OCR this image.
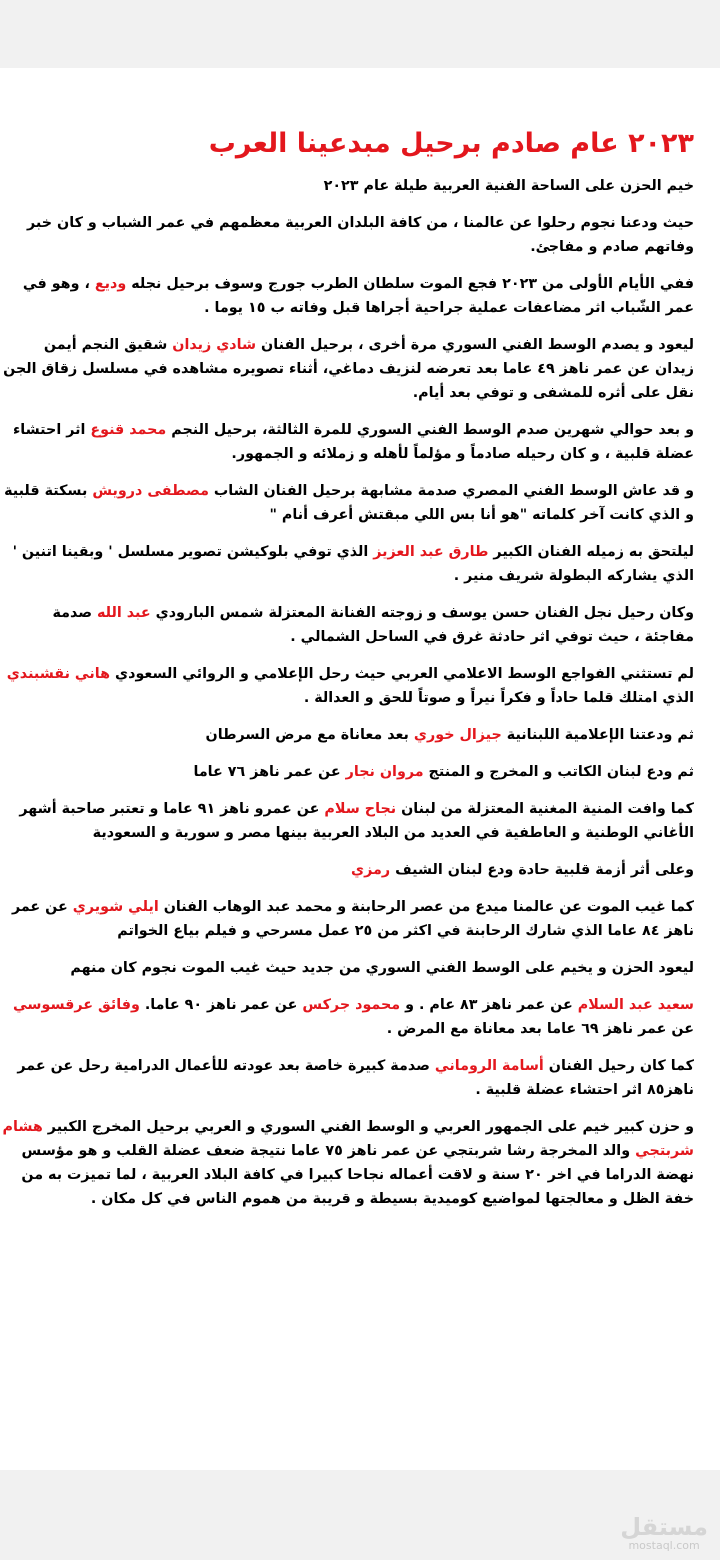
٢٠٢٣ عام صادم برحيل مبدعينا العرب

خيم الحزن على الساحة الفنية العربية طيلة عام ٢٠٢٣

حيث ودعنا نجوم رحلوا عن عالمنا ، من كافة البلدان العربية معظمهم في عمر الشباب و كان خبر وفاتهم صادم و مفاجئ.

ففي الأيام الأولى من ٢٠٢٣ فجع الموت سلطان الطرب جورج وسوف برحيل نجله وديع ، وهو في عمر الشّباب اثر مضاعفات عملية جراحية أجراها قبل وفاته ب ١٥ يوما .

ليعود و يصدم الوسط الفني السوري مرة أخرى ، برحيل الفنان شادي زيدان شقيق النجم أيمن زيدان عن عمر ناهز ٤٩ عاما بعد تعرضه لنزيف دماغي، أثناء تصويره مشاهده في مسلسل زقاق الجن نقل على أثره للمشفى و توفي بعد أيام.

و بعد حوالي شهرين صدم الوسط الفني السوري للمرة الثالثة، برحيل النجم محمد قنوع اثر احتشاء عضلة قلبية ، و كان رحيله صادماً و مؤلماً لأهله و زملائه و الجمهور.

و قد عاش الوسط الفني المصري صدمة مشابهة برحيل الفنان الشاب مصطفى درويش بسكتة قلبية و الذي كانت آخر كلماته "هو أنا بس اللي مبقتش أعرف أنام "

ليلتحق به زميله الفنان الكبير طارق عبد العزيز الذي توفي بلوكيشن تصوير مسلسل ' وبقينا اتنين ' الذي يشاركه البطولة شريف منير .

وكان رحيل نجل الفنان حسن يوسف و زوجته الفنانة المعتزلة شمس البارودي عبد الله صدمة مفاجئة ، حيث توفي اثر حادثة غرق في الساحل الشمالي .

لم تستثني الفواجع الوسط الاعلامي العربي حيث رحل الإعلامي و الروائي السعودي هاني نقشبندي الذي امتلك قلما حاداً و فكراً نيراً و صوتاً للحق و العدالة .

ثم ودعتنا الإعلامية اللبنانية جيزال خوري بعد معاناة مع مرض السرطان

ثم ودع لبنان الكاتب و المخرج و المنتج مروان نجار عن عمر ناهز ٧٦ عاما

كما وافت المنية المغنية المعتزلة من لبنان نجاح سلام عن عمرو ناهز ٩١ عاما و تعتبر صاحبة أشهر الأغاني الوطنية و العاطفية في العديد من البلاد العربية بينها مصر و سورية و السعودية

وعلى أثر أزمة قلبية حادة ودع لبنان الشيف رمزي

كما غيب الموت عن عالمنا ميدع من عصر الرحابنة و محمد عبد الوهاب الفنان ايلي شويري عن عمر ناهز ٨٤ عاما الذي شارك الرحابنة في اكثر من ٢٥ عمل مسرحي و فيلم بياع الخواتم

ليعود الحزن و يخيم على الوسط الفني السوري من جديد حيث غيب الموت نجوم كان منهم

سعيد عبد السلام عن عمر ناهز ٨٣ عام . و محمود جركس عن عمر ناهز ٩٠ عاما. وفائق عرقسوسي عن عمر ناهز ٦٩ عاما بعد معاناة مع المرض .

كما كان رحيل الفنان أسامة الروماني صدمة كبيرة خاصة بعد عودته للأعمال الدرامية رحل عن عمر ناهز٨٥ اثر احتشاء عضلة قلبية .

و حزن كبير خيم على الجمهور العربي و الوسط الفني السوري و العربي برحيل المخرج الكبير هشام شربتجي والد المخرجة رشا شربتجي عن عمر ناهز ٧٥ عاما نتيجة ضعف عضلة القلب و هو مؤسس نهضة الدراما في اخر ٢٠ سنة و لاقت أعماله نجاحا كبيرا في كافة البلاد العربية ، لما تميزت به من خفة الظل و معالجتها لمواضيع كوميدية بسيطة و قريبة من هموم الناس في كل مكان .

مستقل
mostaql.com
